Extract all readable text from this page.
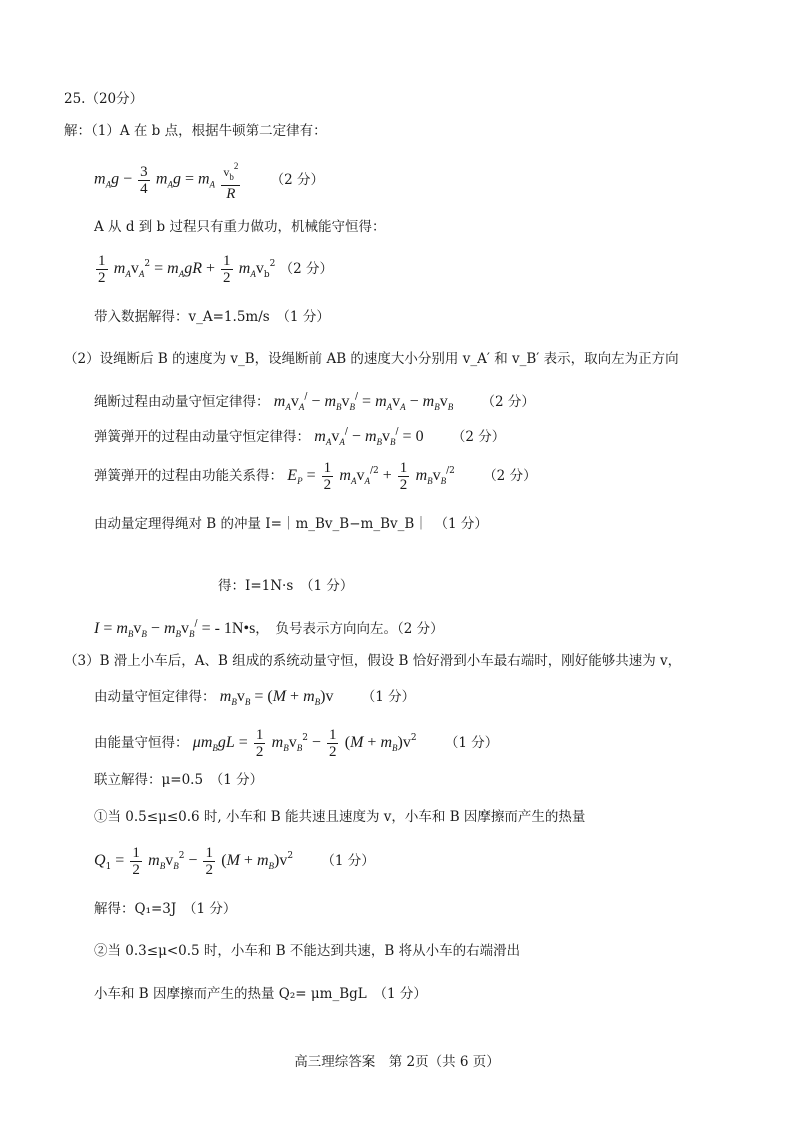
25.（20分）
解：（1）A 在 b 点，根据牛顿第二定律有：
$m_Ag - \frac{3}{4} m_Ag = m_A \frac{v_b^2}{R} (2$ 分）
A 从 d 到 b 过程只有重力做功，机械能守恒得：
$\frac{1}{2} m_Av_A^2 = m_AgR + \frac{1}{2} m_Av_b^2$ （2 分）
带入数据解得：v_A=1.5m/s　（1 分）
（2）设绳断后 B 的速度为 v_B，设绳断前 AB 的速度大小分别用 v_A′ 和 v_B′ 表示，取向左为正方向
绳断过程由动量守恒定律得： $m_Av_A^/ - m_Bv_B^/ = m_Av_A - m_Bv_B$ （2 分）
弹簧弹开的过程由动量守恒定律得： $m_Av_A^/ - m_Bv_B^/ = 0$ （2 分）
弹簧弹开的过程由功能关系得： $E_P = \frac{1}{2} m_Av_A^{/2} + \frac{1}{2} m_Bv_B^{/2}$ （2 分）
由动量定理得绳对 B 的冲量 I=｜m_Bv_B−m_Bv_B｜　（1 分）
得：I=1N·s　（1 分）
$I = m_Bv_B - m_Bv_B^/$ = - 1N•s，　负号表示方向向左。（2 分）
（3）B 滑上小车后，A、B 组成的系统动量守恒，假设 B 恰好滑到小车最右端时，刚好能够共速为 v，
由动量守恒定律得： $m_Bv_B = (M + m_B)v$ （1 分）
由能量守恒得： $\mu m_BgL = \frac{1}{2} m_Bv_B^2 - \frac{1}{2} (M + m_B)v^2$ （1 分）
联立解得：μ=0.5　（1 分）
①当 0.5≤μ≤0.6 时, 小车和 B 能共速且速度为 v，小车和 B 因摩擦而产生的热量
$Q_1 = \frac{1}{2} m_Bv_B^2 - \frac{1}{2} (M + m_B)v^2$ （1 分）
解得：Q₁=3J　（1 分）
②当 0.3≤μ<0.5 时，小车和 B 不能达到共速，B 将从小车的右端滑出
小车和 B 因摩擦而产生的热量 Q₂= μm_BgL　（1 分）
高三理综答案　第 2页（共 6 页）
